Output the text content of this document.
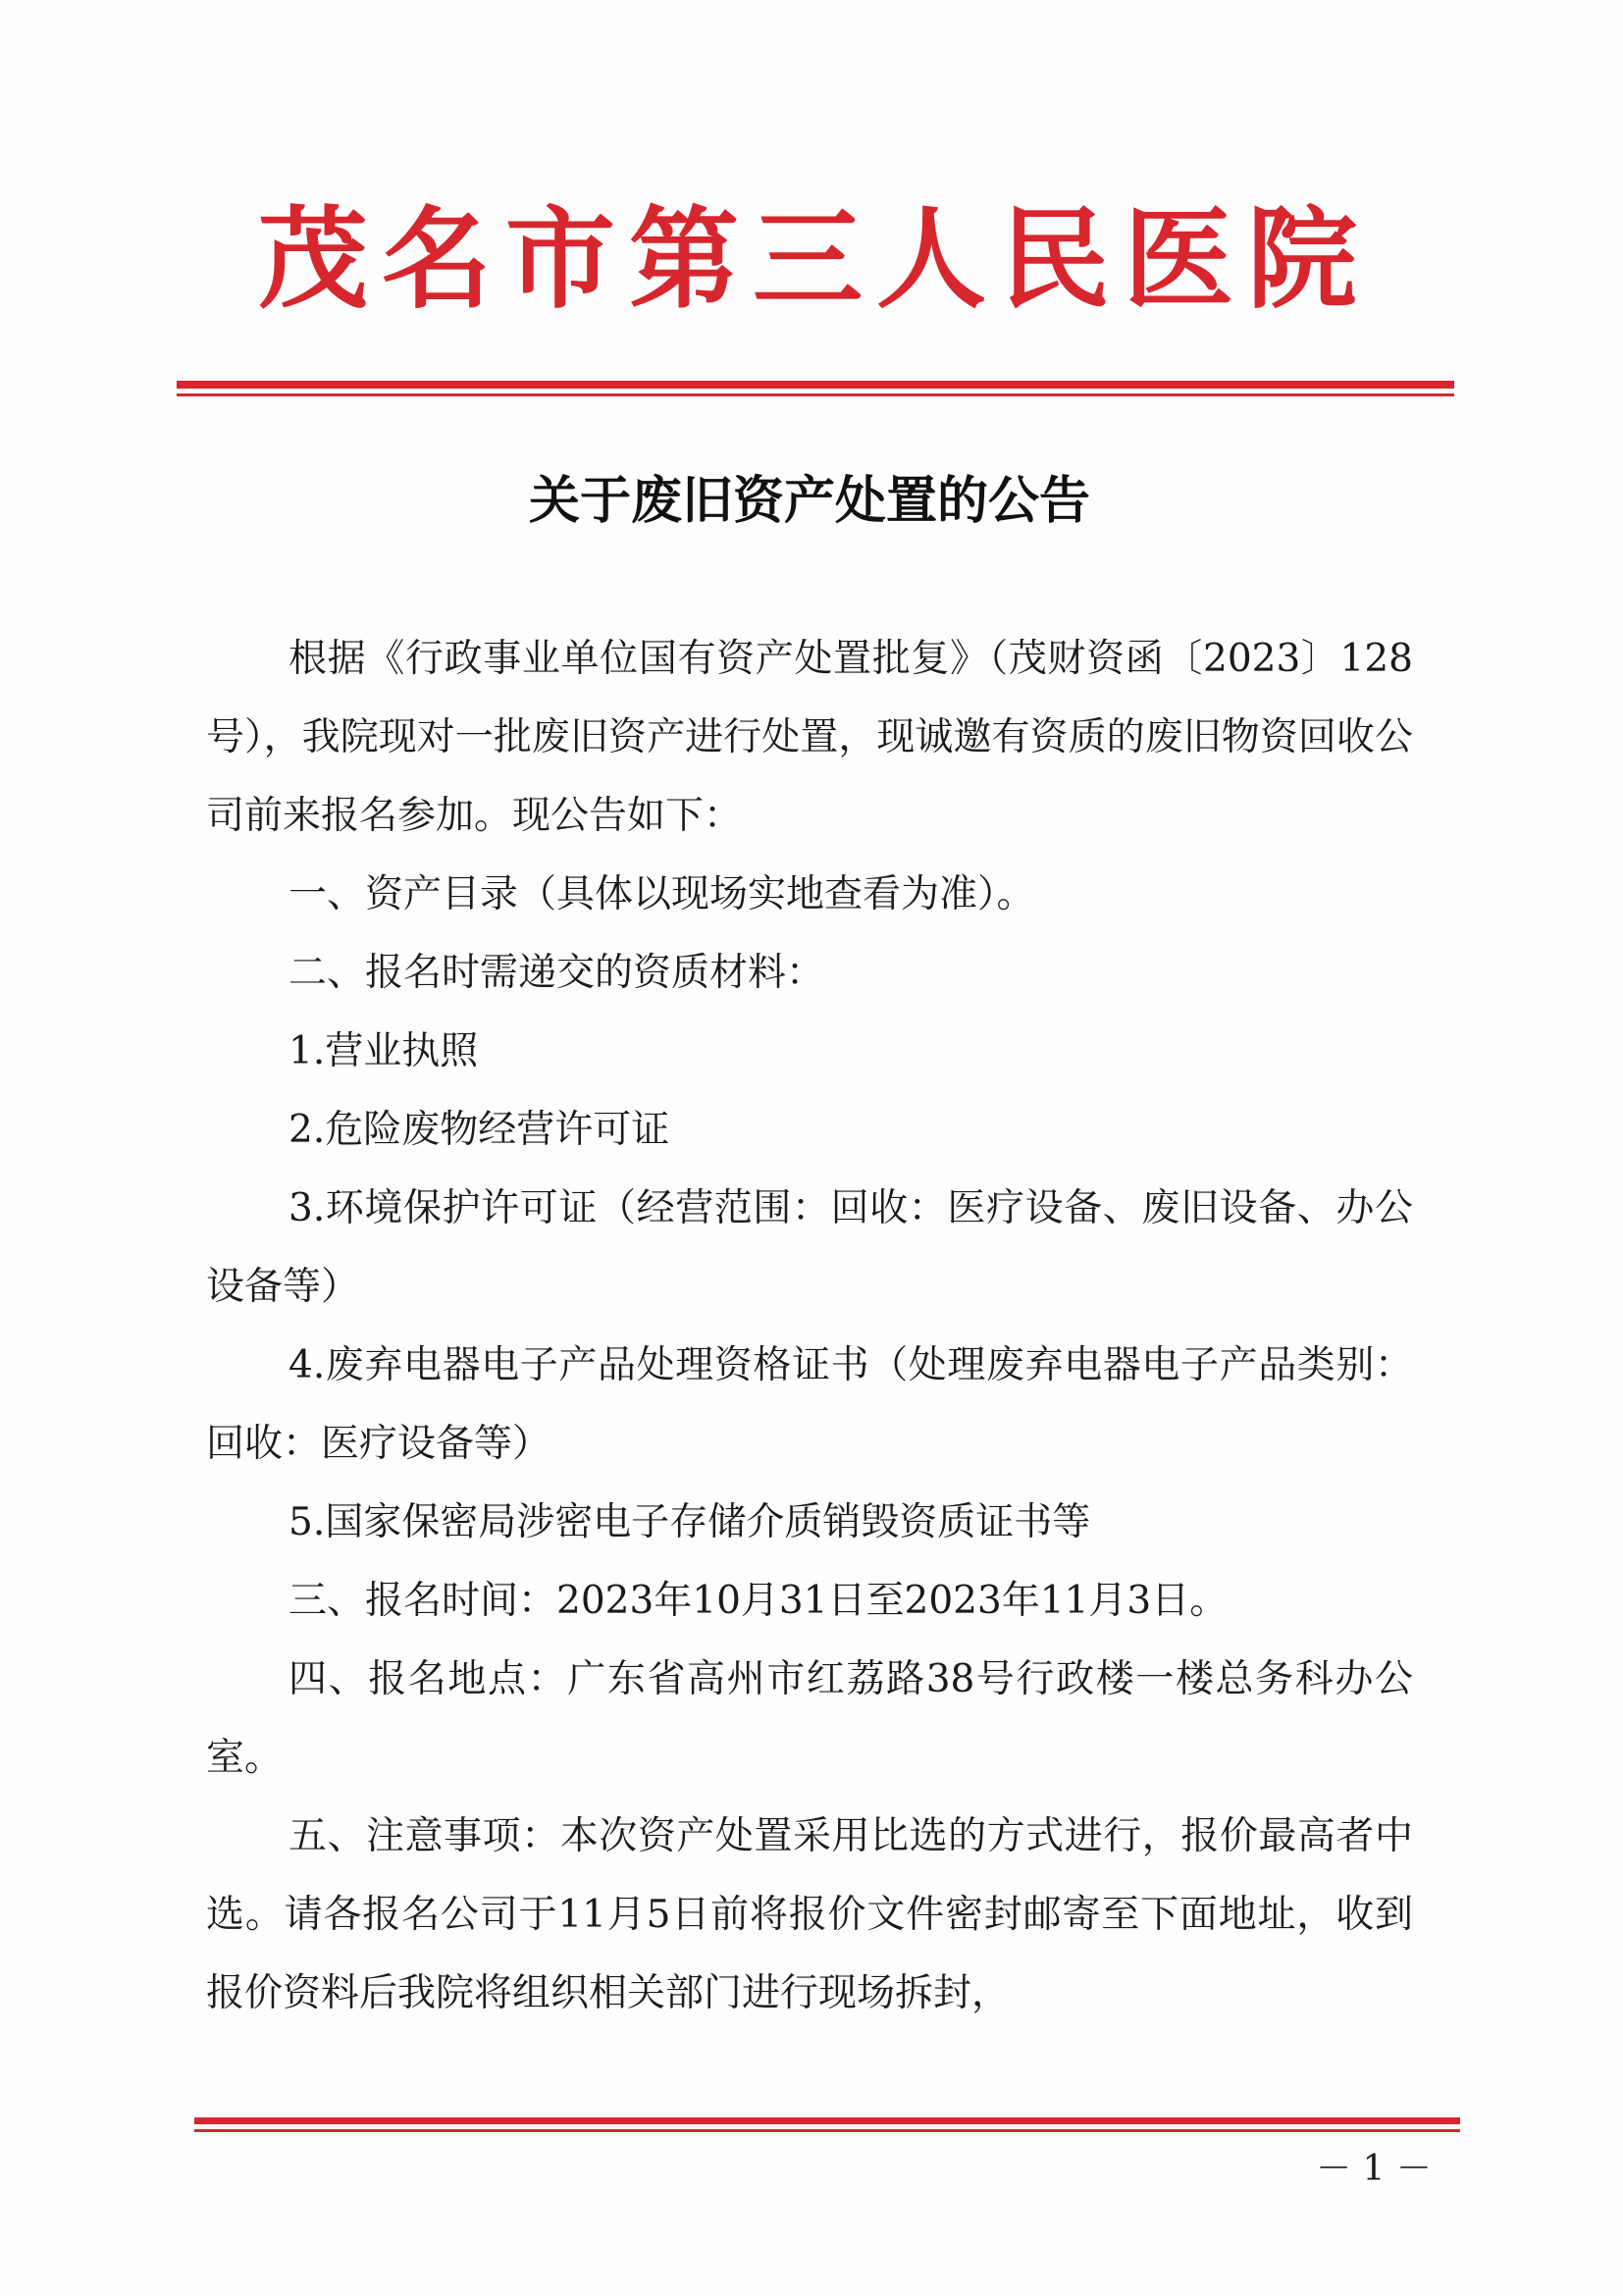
茂名市第三人民医院
关于废旧资产处置的公告

根据《行政事业单位国有资产处置批复》（茂财资函〔2023〕128号），我院现对一批废旧资产进行处置，现诚邀有资质的废旧物资回收公司前来报名参加。现公告如下：

一、资产目录（具体以现场实地查看为准）。

二、报名时需递交的资质材料：

1.营业执照

2.危险废物经营许可证

3.环境保护许可证（经营范围：回收：医疗设备、废旧设备、办公设备等）

4.废弃电器电子产品处理资格证书（处理废弃电器电子产品类别：回收：医疗设备等）

5.国家保密局涉密电子存储介质销毁资质证书等

三、报名时间：2023年10月31日至2023年11月3日。

四、报名地点：广东省高州市红荔路38号行政楼一楼总务科办公室。

五、注意事项：本次资产处置采用比选的方式进行，报价最高者中选。请各报名公司于11月5日前将报价文件密封邮寄至下面地址，收到报价资料后我院将组织相关部门进行现场拆封，

－ 1 －
